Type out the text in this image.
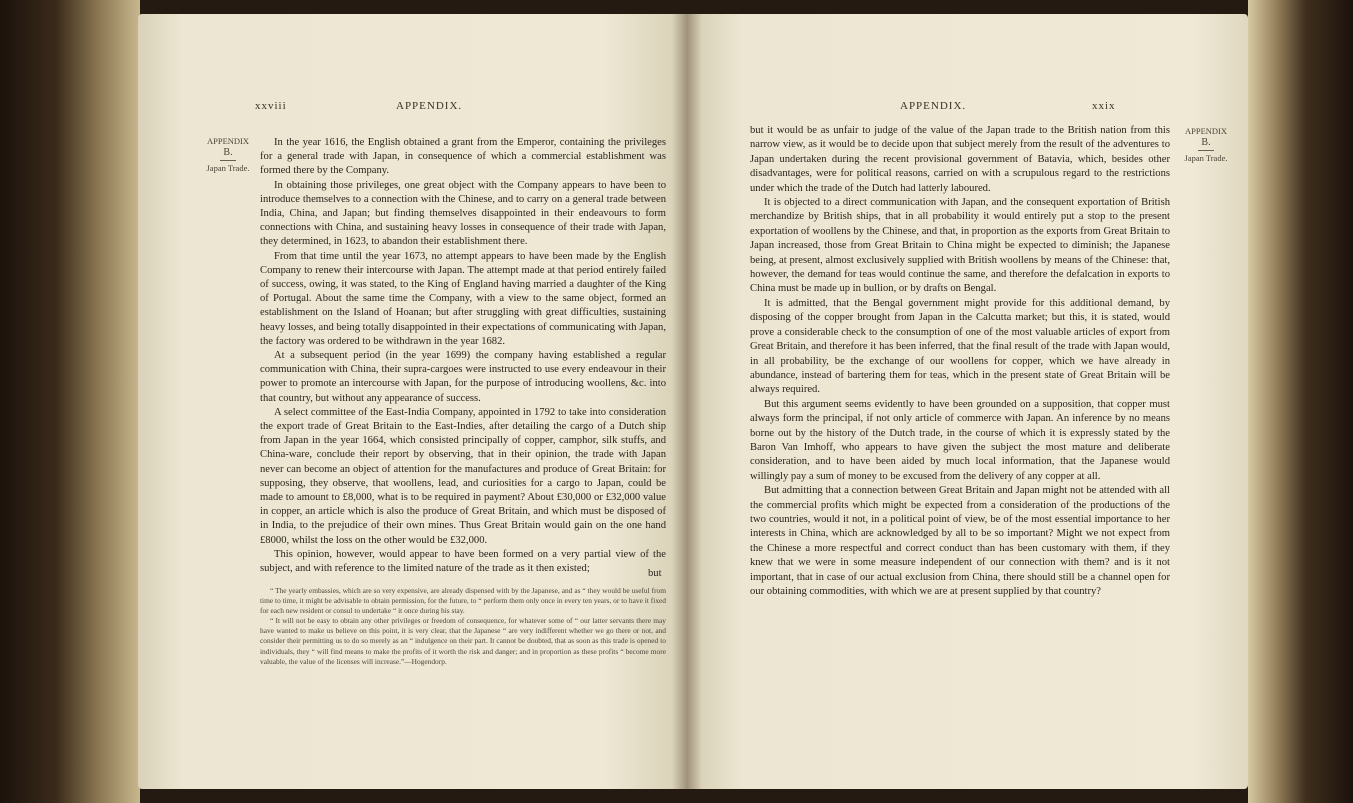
xxviii	APPENDIX.
APPENDIX
B.
Japan Trade.

In the year 1616, the English obtained a grant from the Emperor, containing the privileges for a general trade with Japan, in consequence of which a commercial establishment was formed there by the Company.

In obtaining those privileges, one great object with the Company appears to have been to introduce themselves to a connection with the Chinese, and to carry on a general trade between India, China, and Japan; but finding themselves disappointed in their endeavours to form connections with China, and sustaining heavy losses in consequence of their trade with Japan, they determined, in 1623, to abandon their establishment there.

From that time until the year 1673, no attempt appears to have been made by the English Company to renew their intercourse with Japan. The attempt made at that period entirely failed of success, owing, it was stated, to the King of England having married a daughter of the King of Portugal. About the same time the Company, with a view to the same object, formed an establishment on the Island of Hoanan; but after struggling with great difficulties, sustaining heavy losses, and being totally disappointed in their expectations of communicating with Japan, the factory was ordered to be withdrawn in the year 1682.

At a subsequent period (in the year 1699) the company having established a regular communication with China, their supra-cargoes were instructed to use every endeavour in their power to promote an intercourse with Japan, for the purpose of introducing woollens, &c. into that country, but without any appearance of success.

A select committee of the East-India Company, appointed in 1792 to take into consideration the export trade of Great Britain to the East-Indies, after detailing the cargo of a Dutch ship from Japan in the year 1664, which consisted principally of copper, camphor, silk stuffs, and China-ware, conclude their report by observing, that in their opinion, the trade with Japan never can become an object of attention for the manufactures and produce of Great Britain: for supposing, they observe, that woollens, lead, and curiosities for a cargo to Japan, could be made to amount to £8,000, what is to be required in payment? About £30,000 or £32,000 value in copper, an article which is also the produce of Great Britain, and which must be disposed of in India, to the prejudice of their own mines. Thus Great Britain would gain on the one hand £8000, whilst the loss on the other would be £32,000.

This opinion, however, would appear to have been formed on a very partial view of the subject, and with reference to the limited nature of the trade as it then existed;	but

“ The yearly embassies, which are so very expensive, are already dispensed with by the Japanese, and as “ they would be useful from time to time, it might be advisable to obtain permission, for the future, to “ perform them only once in every ten years, or to have it fixed for each new resident or consul to undertake “ it once during his stay.

“ It will not be easy to obtain any other privileges or freedom of consequence, for whatever some of “ our latter servants there may have wanted to make us believe on this point, it is very clear, that the Japanese “ are very indifferent whether we go there or not, and consider their permitting us to do so merely as an “ indulgence on their part. It cannot be doubted, that as soon as this trade is opened to individuals, they “ will find means to make the profits of it worth the risk and danger; and in proportion as these profits “ become more valuable, the value of the licenses will increase.”—Hogendorp.

APPENDIX.	xxix
APPENDIX
B.
Japan Trade.

but it would be as unfair to judge of the value of the Japan trade to the British nation from this narrow view, as it would be to decide upon that subject merely from the result of the adventures to Japan undertaken during the recent provisional government of Batavia, which, besides other disadvantages, were for political reasons, carried on with a scrupulous regard to the restrictions under which the trade of the Dutch had latterly laboured.

It is objected to a direct communication with Japan, and the consequent exportation of British merchandize by British ships, that in all probability it would entirely put a stop to the present exportation of woollens by the Chinese, and that, in proportion as the exports from Great Britain to Japan increased, those from Great Britain to China might be expected to diminish; the Japanese being, at present, almost exclusively supplied with British woollens by means of the Chinese: that, however, the demand for teas would continue the same, and therefore the defalcation in exports to China must be made up in bullion, or by drafts on Bengal.

It is admitted, that the Bengal government might provide for this additional demand, by disposing of the copper brought from Japan in the Calcutta market; but this, it is stated, would prove a considerable check to the consumption of one of the most valuable articles of export from Great Britain, and therefore it has been inferred, that the final result of the trade with Japan would, in all probability, be the exchange of our woollens for copper, which we have already in abundance, instead of bartering them for teas, which in the present state of Great Britain will be always required.

But this argument seems evidently to have been grounded on a supposition, that copper must always form the principal, if not only article of commerce with Japan. An inference by no means borne out by the history of the Dutch trade, in the course of which it is expressly stated by the Baron Van Imhoff, who appears to have given the subject the most mature and deliberate consideration, and to have been aided by much local information, that the Japanese would willingly pay a sum of money to be excused from the delivery of any copper at all.

But admitting that a connection between Great Britain and Japan might not be attended with all the commercial profits which might be expected from a consideration of the productions of the two countries, would it not, in a political point of view, be of the most essential importance to her interests in China, which are acknowledged by all to be so important? Might we not expect from the Chinese a more respectful and correct conduct than has been customary with them, if they knew that we were in some measure independent of our connection with them? and is it not important, that in case of our actual exclusion from China, there should still be a channel open for our obtaining commodities, with which we are at present supplied by that country?
